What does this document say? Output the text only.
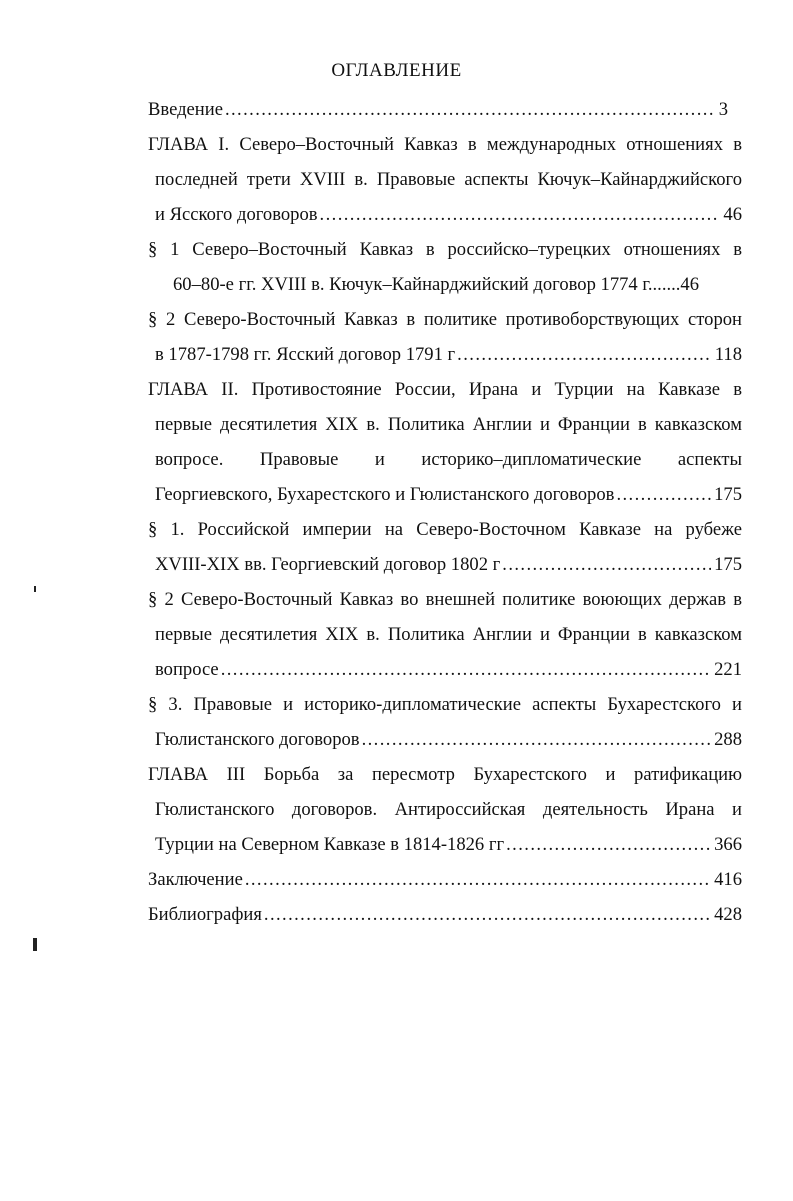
ОГЛАВЛЕНИЕ
Введение .....	3
ГЛАВА I. Северо–Восточный Кавказ в международных отношениях в
последней трети XVIII в. Правовые аспекты Кючук–Кайнарджийского
и Ясского договоров .....	46
§ 1 Северо–Восточный Кавказ в российско–турецких отношениях в
60–80-е гг. XVIII в. Кючук–Кайнарджийский договор 1774 г.......46
§ 2 Северо-Восточный Кавказ в политике противоборствующих сторон
в 1787-1798 гг. Ясский договор 1791 г .....	118
ГЛАВА II. Противостояние России, Ирана и Турции на Кавказе в
первые десятилетия XIX в. Политика Англии и Франции в кавказском
вопросе.      Правовые      и      историко–дипломатические      аспекты
Георгиевского, Бухарестского и Гюлистанского договоров .....	175
§ 1. Российской империи на Северо-Восточном Кавказе на рубеже
XVIII-XIX вв. Георгиевский договор 1802 г .....	175
§ 2 Северо-Восточный Кавказ во внешней политике воюющих держав в
первые десятилетия XIX в. Политика Англии и Франции в кавказском
вопросе .....	221
§ 3. Правовые и историко-дипломатические аспекты Бухарестского и
Гюлистанского договоров .....	288
ГЛАВА III Борьба за пересмотр Бухарестского и ратификацию
Гюлистанского договоров. Антироссийская деятельность Ирана и
Турции на Северном Кавказе в 1814-1826 гг .....	366
Заключение .....	416
Библиография .....	428
